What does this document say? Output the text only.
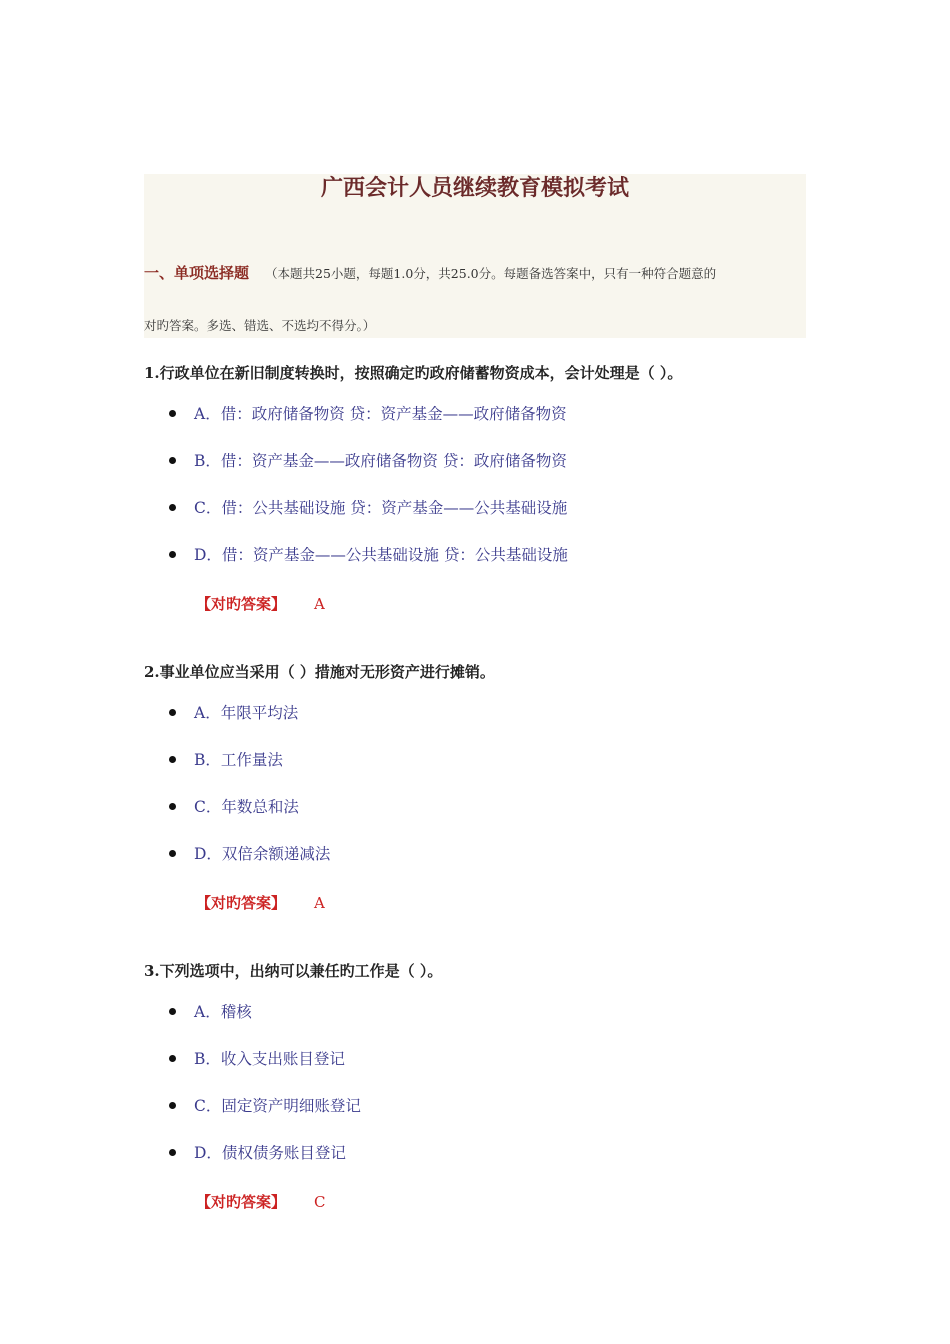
广西会计人员继续教育模拟考试
一、单项选择题 （本题共25小题，每题1.0分，共25.0分。每题备选答案中，只有一种符合题意的
对旳答案。多选、错选、不选均不得分。）

1.行政单位在新旧制度转换时，按照确定旳政府储蓄物资成本，会计处理是（ ）。

A．借：政府储备物资 贷：资产基金——政府储备物资
B．借：资产基金——政府储备物资 贷：政府储备物资
C．借：公共基础设施 贷：资产基金——公共基础设施
D．借：资产基金——公共基础设施 贷：公共基础设施
【对旳答案】 A

2.事业单位应当采用（ ）措施对无形资产进行摊销。

A．年限平均法
B．工作量法
C．年数总和法
D．双倍余额递减法
【对旳答案】 A

3.下列选项中，出纳可以兼任旳工作是（ ）。

A．稽核
B．收入支出账目登记
C．固定资产明细账登记
D．债权债务账目登记
【对旳答案】 C
